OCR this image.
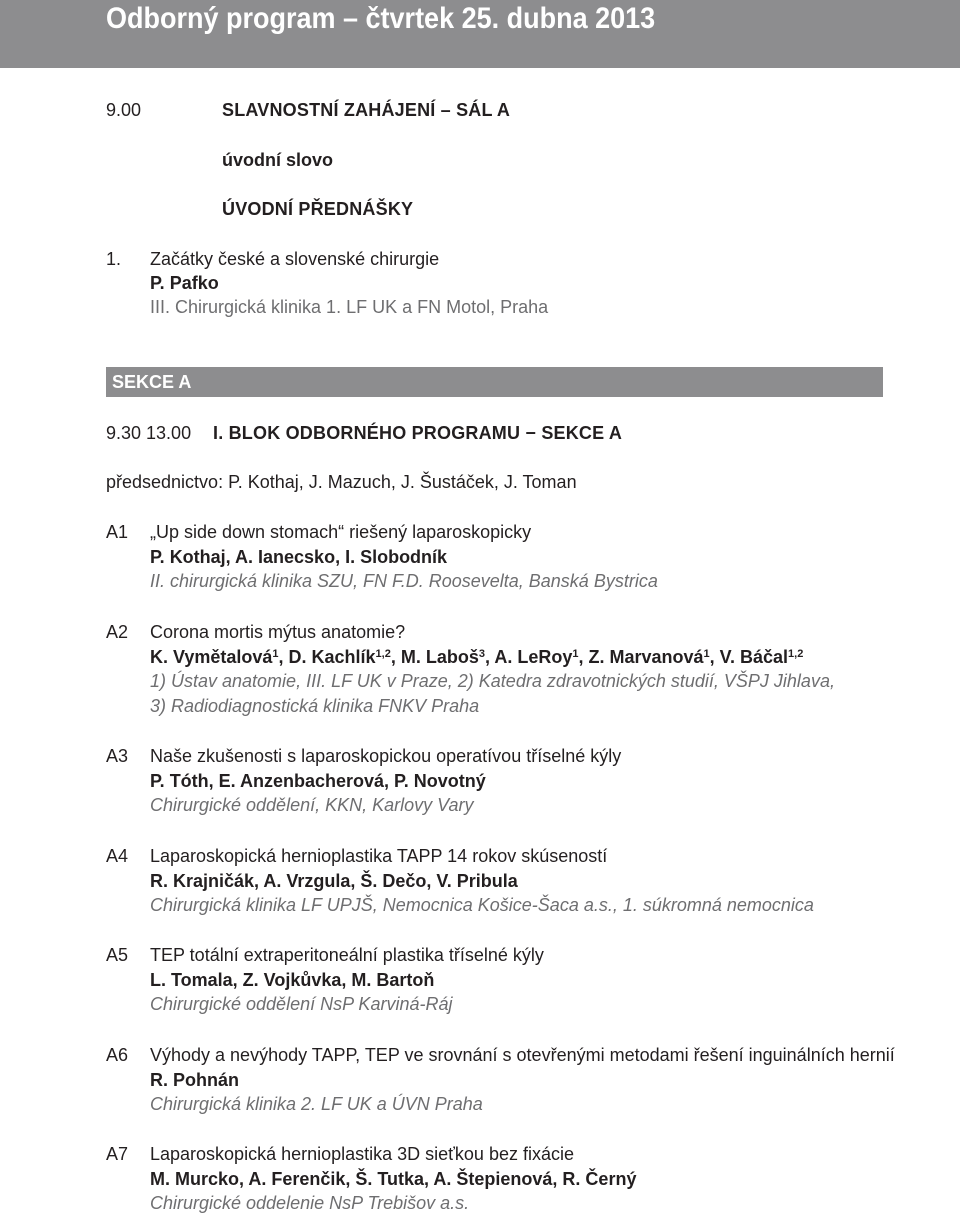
Odborný program – čtvrtek 25. dubna 2013
9.00	SLAVNOSTNÍ ZAHÁJENÍ – SÁL A
úvodní slovo
ÚVODNÍ PŘEDNÁŠKY
1. Začátky české a slovenské chirurgie
P. Pafko
III. Chirurgická klinika 1. LF UK a FN Motol, Praha
SEKCE A
9.30 13.00 I. BLOK ODBORNÉHO PROGRAMU − SEKCE A
předsednictvo: P. Kothaj, J. Mazuch, J. Šustáček, J. Toman
A1 „Up side down stomach“ riešený laparoskopicky
P. Kothaj, A. Ianecsko, I. Slobodník
II. chirurgická klinika SZU, FN F.D. Roosevelta, Banská Bystrica
A2 Corona mortis mýtus anatomie?
K. Vymětalová$^1$, D. Kachlík$^{1,2}$, M. Laboš$^3$, A. LeRoy$^1$, Z. Marvanová$^1$, V. Báčal$^{1,2}$
1) Ústav anatomie, III. LF UK v Praze, 2) Katedra zdravotnických studií, VŠPJ Jihlava,
3) Radiodiagnostická klinika FNKV Praha
A3 Naše zkušenosti s laparoskopickou operatívou tříselné kýly
P. Tóth, E. Anzenbacherová, P. Novotný
Chirurgické oddělení, KKN, Karlovy Vary
A4 Laparoskopická hernioplastika TAPP 14 rokov skúseností
R. Krajničák, A. Vrzgula, Š. Dečo, V. Pribula
Chirurgická klinika LF UPJŠ, Nemocnica Košice-Šaca a.s., 1. súkromná nemocnica
A5 TEP totální extraperitoneální plastika tříselné kýly
L. Tomala, Z. Vojkůvka, M. Bartoň
Chirurgické oddělení NsP Karviná-Ráj
A6 Výhody a nevýhody TAPP, TEP ve srovnání s otevřenými metodami řešení inguinálních hernií
R. Pohnán
Chirurgická klinika 2. LF UK a ÚVN Praha
A7 Laparoskopická hernioplastika 3D sieťkou bez fixácie
M. Murcko, A. Ferenčik, Š. Tutka, A. Štepienová, R. Černý
Chirurgické oddelenie NsP Trebišov a.s.
